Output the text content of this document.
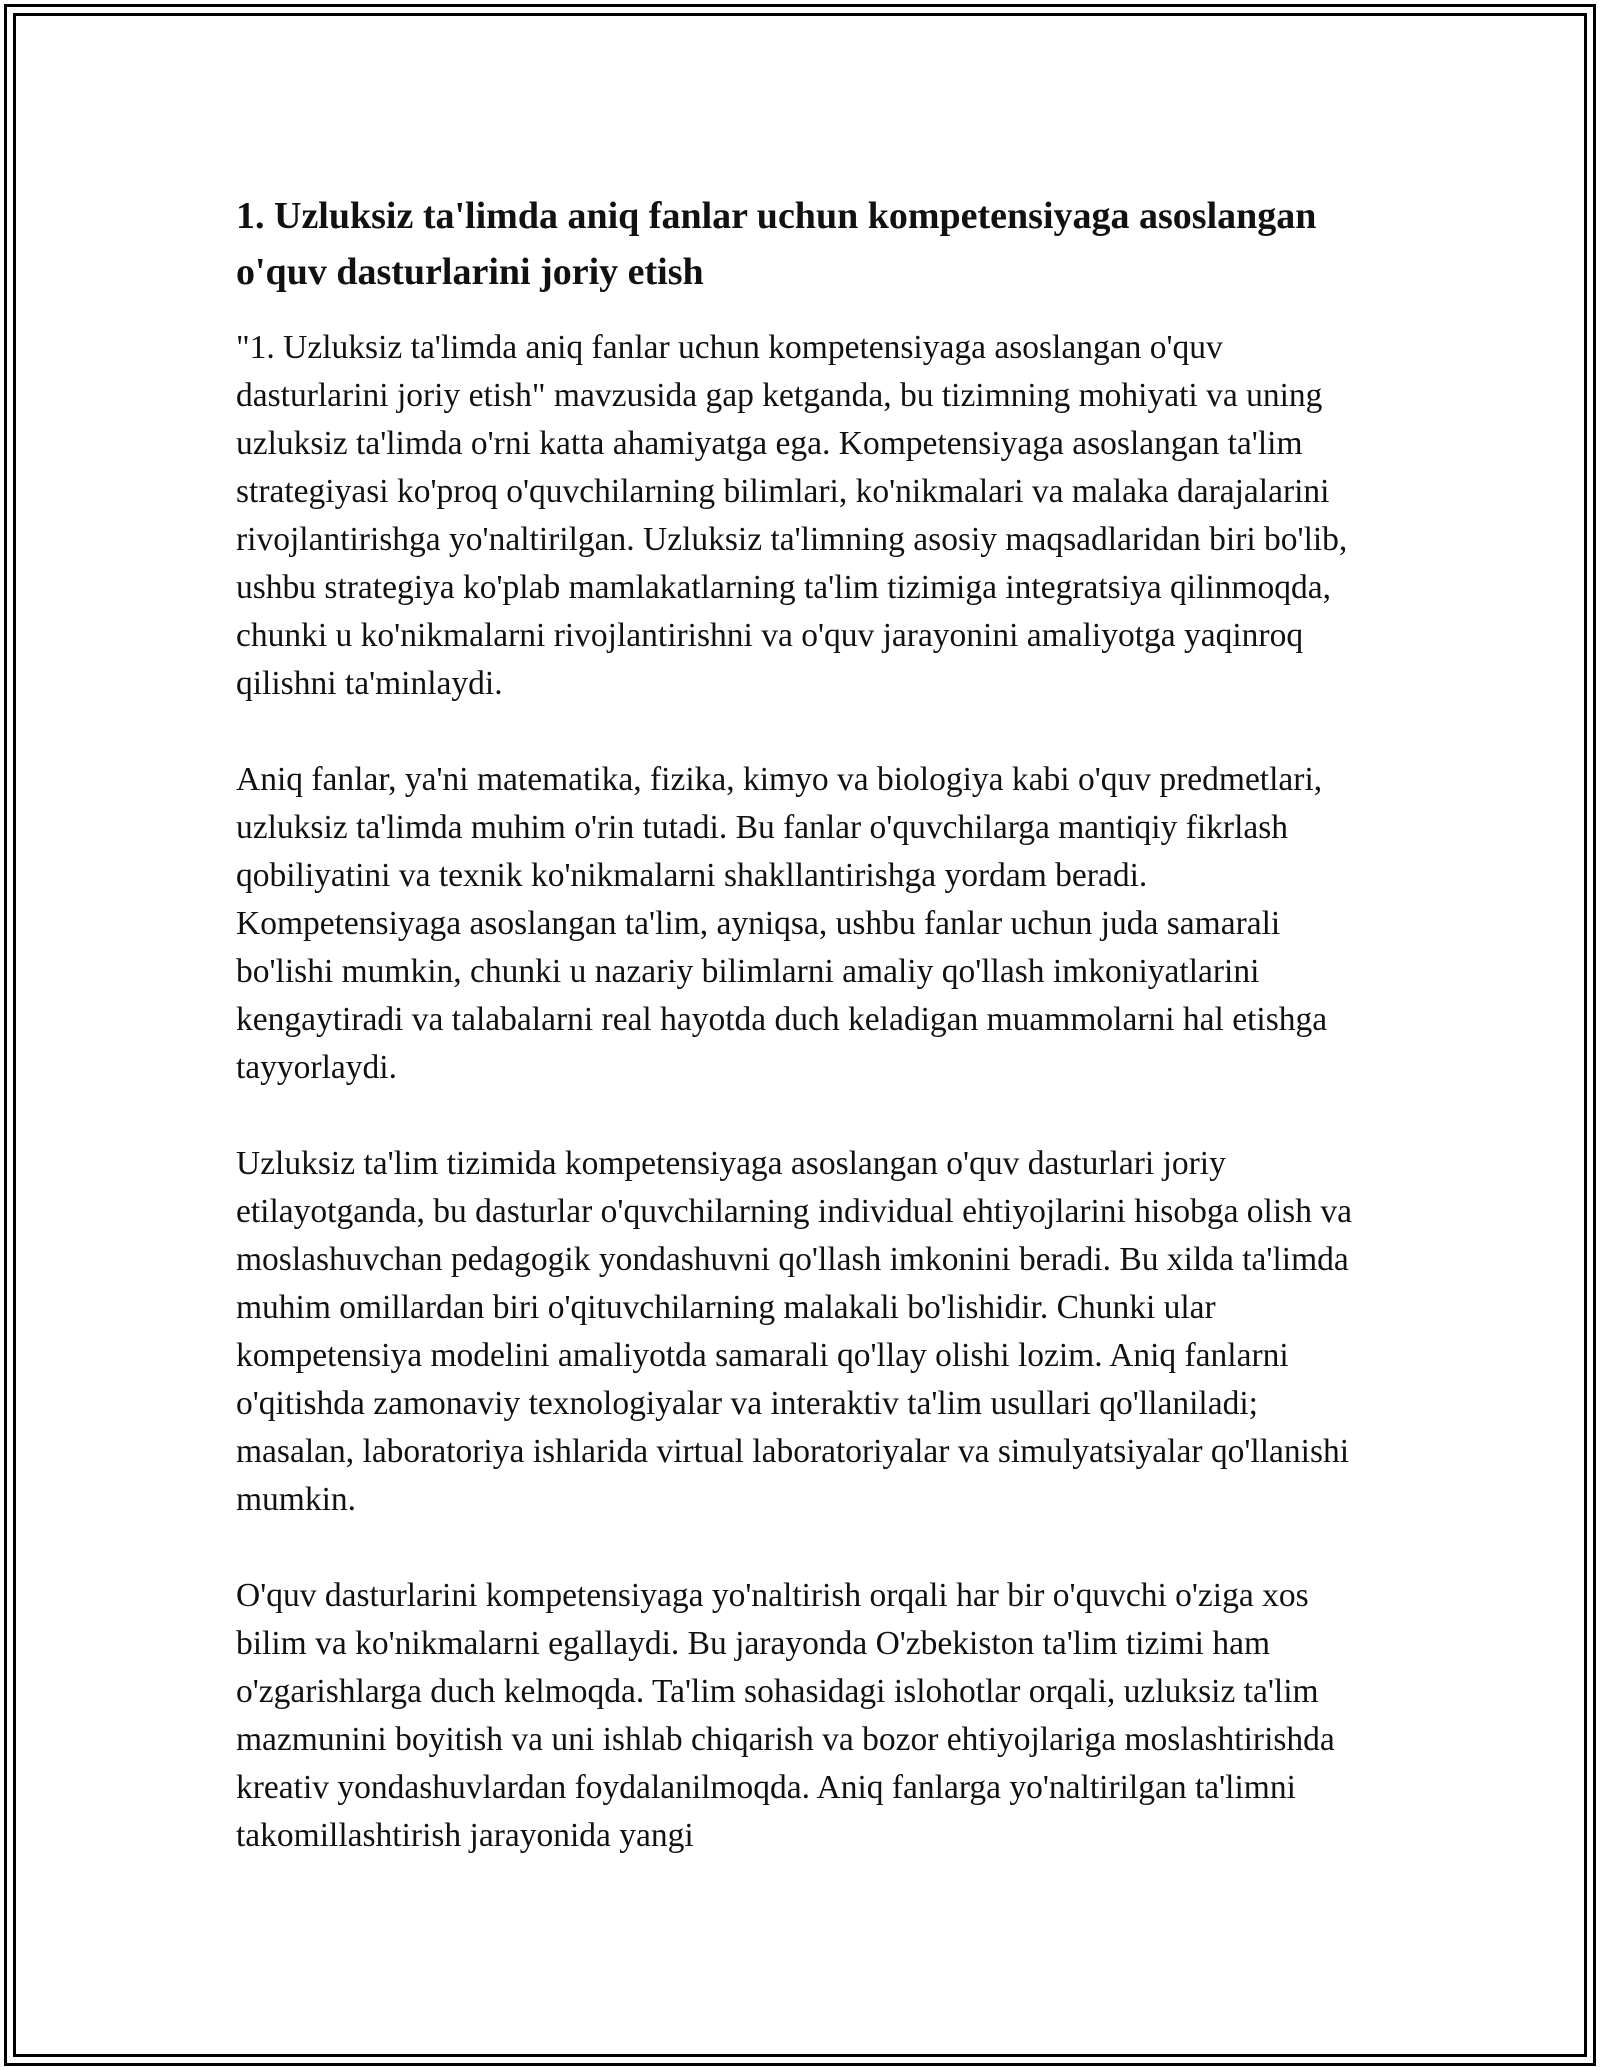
1. Uzluksiz ta'limda aniq fanlar uchun kompetensiyaga asoslangan o'quv dasturlarini joriy etish

"1. Uzluksiz ta'limda aniq fanlar uchun kompetensiyaga asoslangan o'quv dasturlarini joriy etish" mavzusida gap ketganda, bu tizimning mohiyati va uning uzluksiz ta'limda o'rni katta ahamiyatga ega. Kompetensiyaga asoslangan ta'lim strategiyasi ko'proq o'quvchilarning bilimlari, ko'nikmalari va malaka darajalarini rivojlantirishga yo'naltirilgan. Uzluksiz ta'limning asosiy maqsadlaridan biri bo'lib, ushbu strategiya ko'plab mamlakatlarning ta'lim tizimiga integratsiya qilinmoqda, chunki u ko'nikmalarni rivojlantirishni va o'quv jarayonini amaliyotga yaqinroq qilishni ta'minlaydi.

Aniq fanlar, ya'ni matematika, fizika, kimyo va biologiya kabi o'quv predmetlari, uzluksiz ta'limda muhim o'rin tutadi. Bu fanlar o'quvchilarga mantiqiy fikrlash qobiliyatini va texnik ko'nikmalarni shakllantirishga yordam beradi. Kompetensiyaga asoslangan ta'lim, ayniqsa, ushbu fanlar uchun juda samarali bo'lishi mumkin, chunki u nazariy bilimlarni amaliy qo'llash imkoniyatlarini kengaytiradi va talabalarni real hayotda duch keladigan muammolarni hal etishga tayyorlaydi.

Uzluksiz ta'lim tizimida kompetensiyaga asoslangan o'quv dasturlari joriy etilayotganda, bu dasturlar o'quvchilarning individual ehtiyojlarini hisobga olish va moslashuvchan pedagogik yondashuvni qo'llash imkonini beradi. Bu xilda ta'limda muhim omillardan biri o'qituvchilarning malakali bo'lishidir. Chunki ular kompetensiya modelini amaliyotda samarali qo'llay olishi lozim. Aniq fanlarni o'qitishda zamonaviy texnologiyalar va interaktiv ta'lim usullari qo'llaniladi; masalan, laboratoriya ishlarida virtual laboratoriyalar va simulyatsiyalar qo'llanishi mumkin.

O'quv dasturlarini kompetensiyaga yo'naltirish orqali har bir o'quvchi o'ziga xos bilim va ko'nikmalarni egallaydi. Bu jarayonda O'zbekiston ta'lim tizimi ham o'zgarishlarga duch kelmoqda. Ta'lim sohasidagi islohotlar orqali, uzluksiz ta'lim mazmunini boyitish va uni ishlab chiqarish va bozor ehtiyojlariga moslashtirishda kreativ yondashuvlardan foydalanilmoqda. Aniq fanlarga yo'naltirilgan ta'limni takomillashtirish jarayonida yangi
